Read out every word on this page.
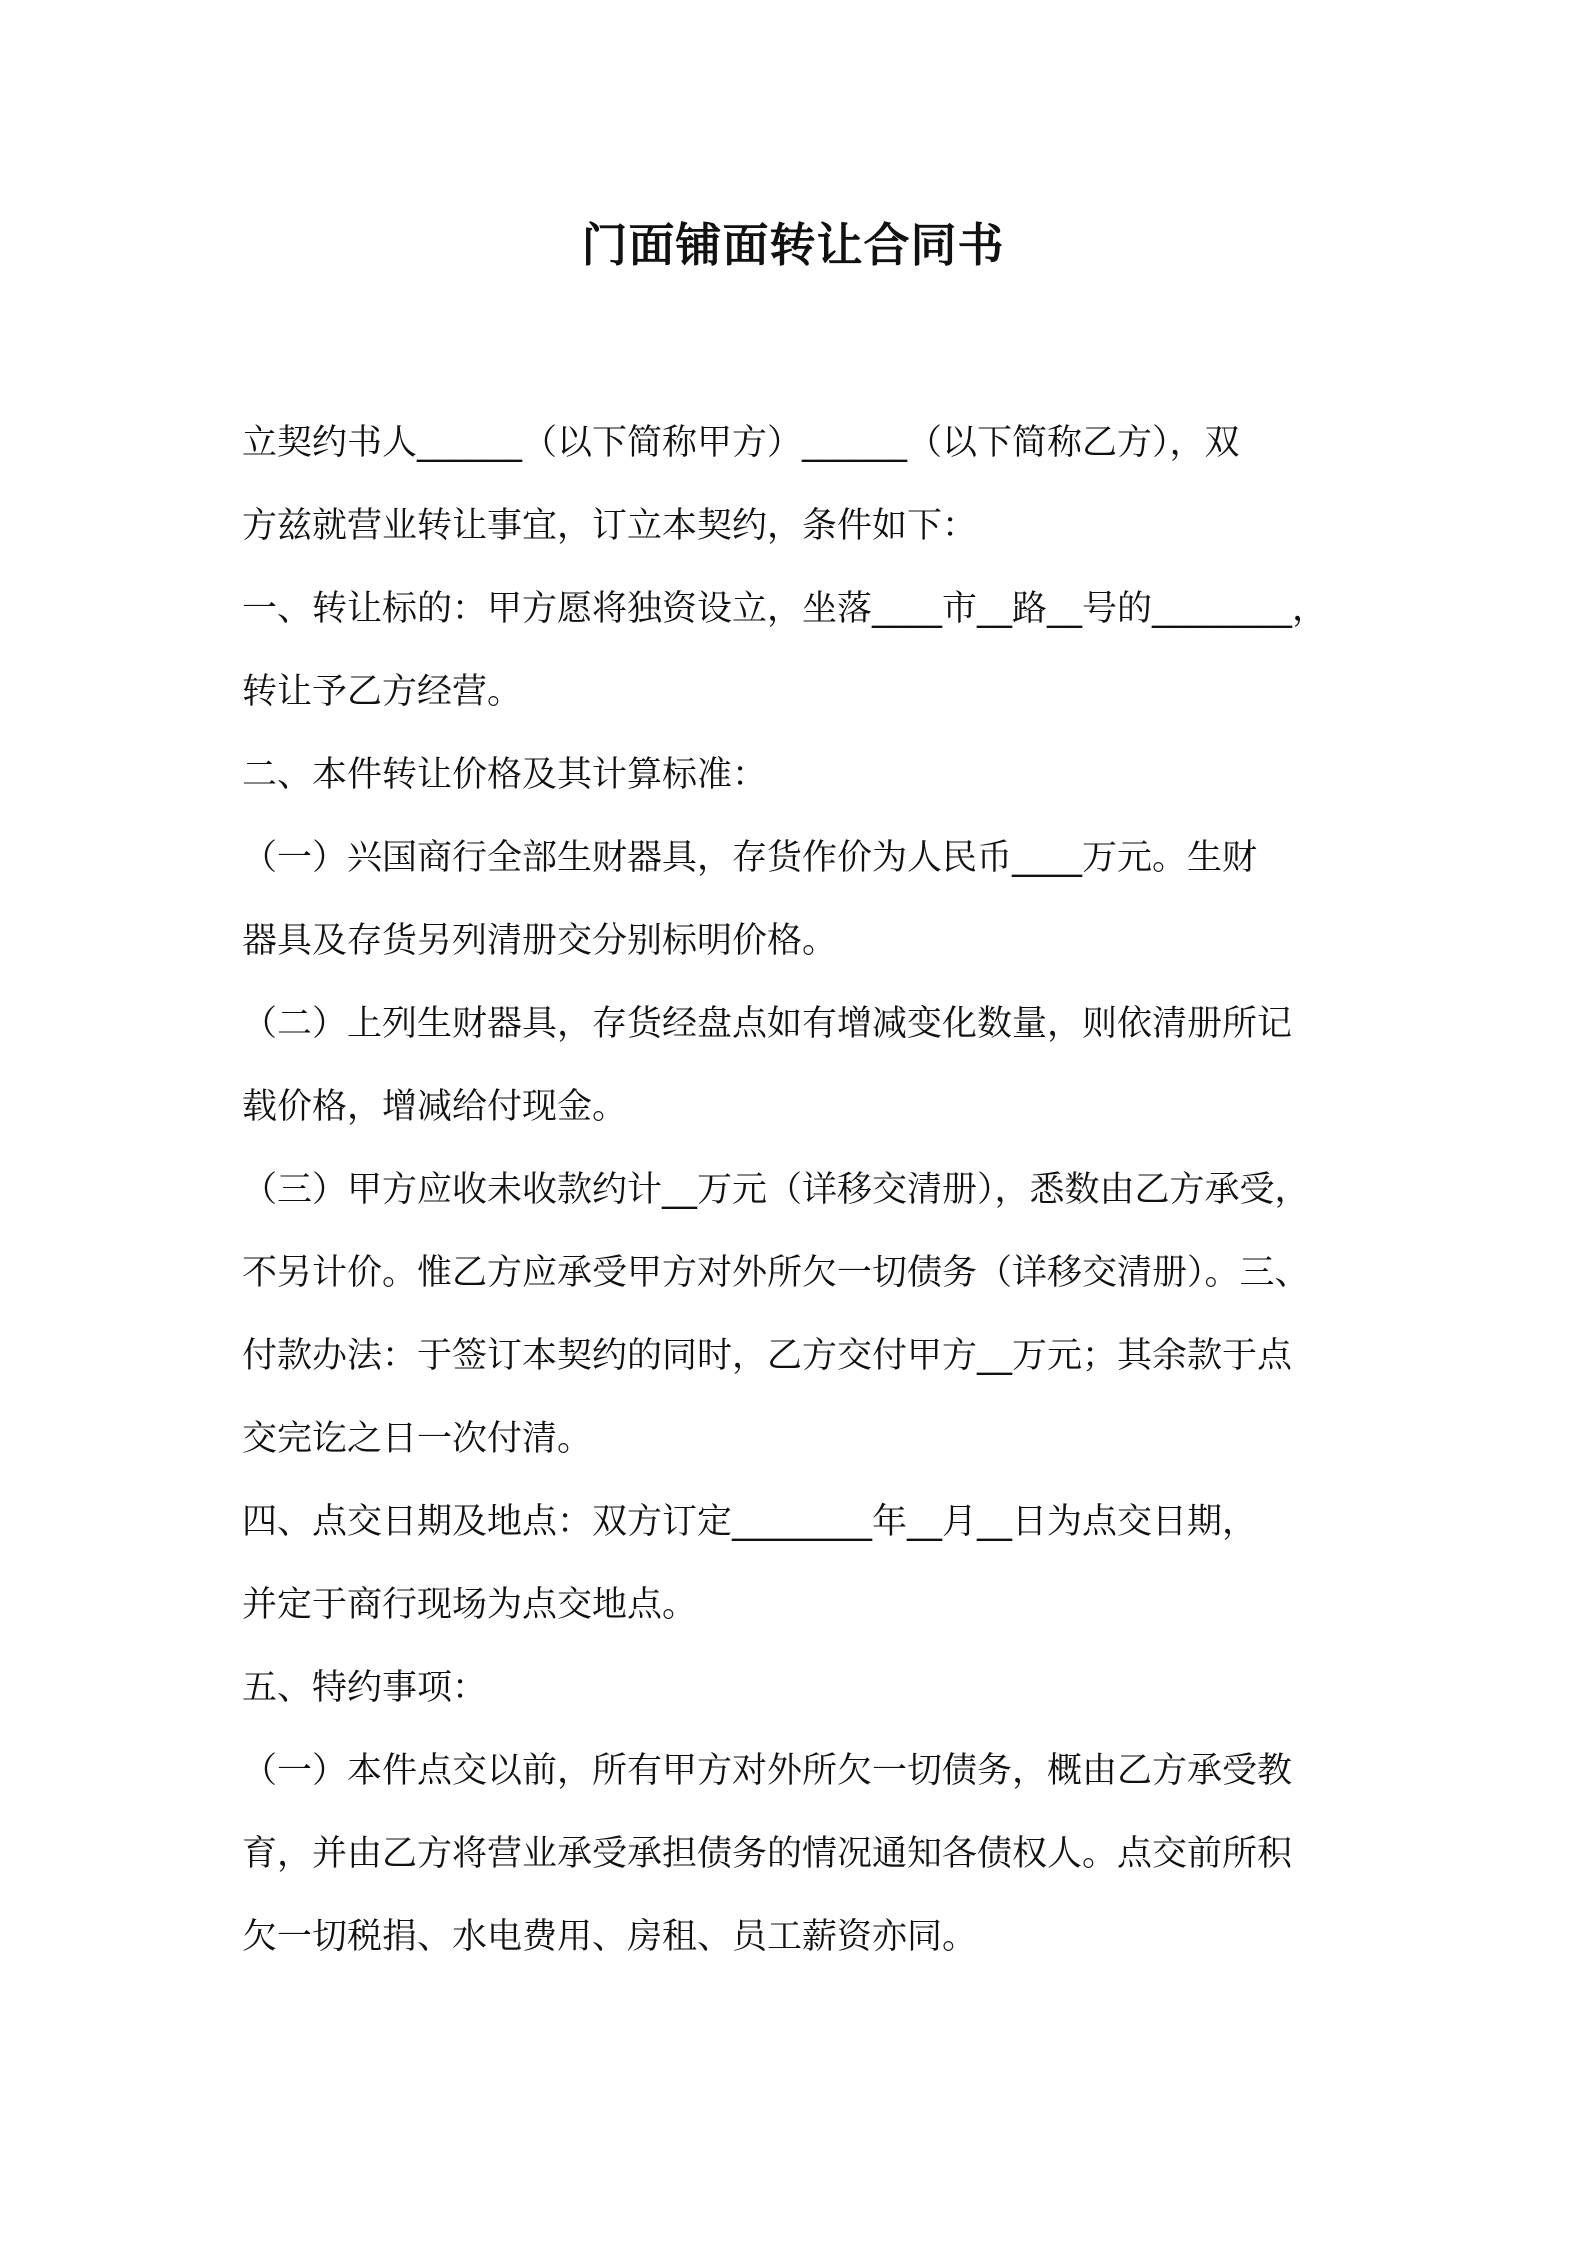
门面铺面转让合同书
立契约书人______（以下简称甲方）______（以下简称乙方），双
方兹就营业转让事宜，订立本契约，条件如下：
一、转让标的：甲方愿将独资设立，坐落____市__路__号的________，
转让予乙方经营。
二、本件转让价格及其计算标准：
（一）兴国商行全部生财器具，存货作价为人民币____万元。生财
器具及存货另列清册交分别标明价格。
（二）上列生财器具，存货经盘点如有增减变化数量，则依清册所记
载价格，增减给付现金。
（三）甲方应收未收款约计__万元（详移交清册），悉数由乙方承受，
不另计价。惟乙方应承受甲方对外所欠一切债务（详移交清册）。三、
付款办法：于签订本契约的同时，乙方交付甲方__万元；其余款于点
交完讫之日一次付清。
四、点交日期及地点：双方订定________年__月__日为点交日期，
并定于商行现场为点交地点。
五、特约事项：
（一）本件点交以前，所有甲方对外所欠一切债务，概由乙方承受教
育，并由乙方将营业承受承担债务的情况通知各债权人。点交前所积
欠一切税捐、水电费用、房租、员工薪资亦同。
